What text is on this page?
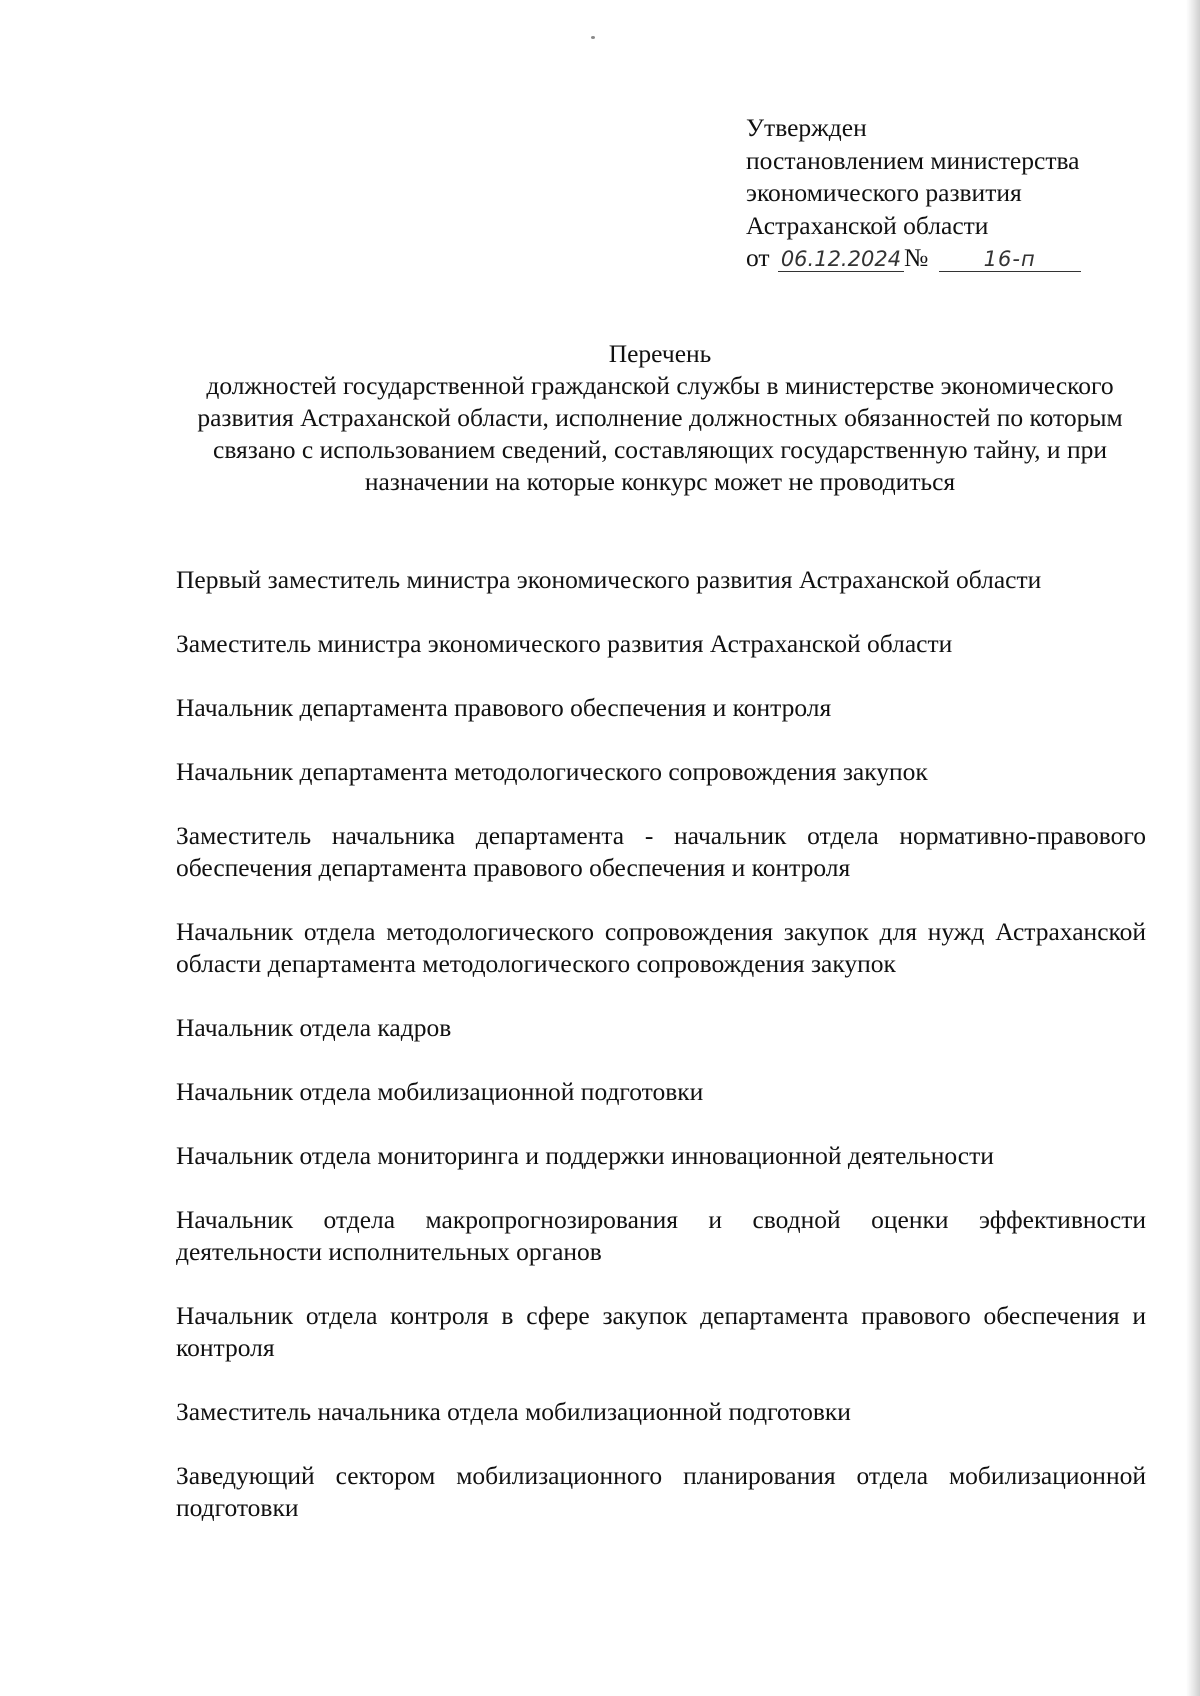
Утвержден
постановлением министерства
экономического развития
Астраханской области
от 06.12.2024 №	16-п
Перечень
должностей государственной гражданской службы в министерстве экономического развития Астраханской области, исполнение должностных обязанностей по которым связано с использованием сведений, составляющих государственную тайну, и при назначении на которые конкурс может не проводиться
Первый заместитель министра экономического развития Астраханской области
Заместитель министра экономического развития Астраханской области
Начальник департамента правового обеспечения и контроля
Начальник департамента методологического сопровождения закупок
Заместитель начальника департамента - начальник отдела нормативно-правового обеспечения департамента правового обеспечения и контроля
Начальник отдела методологического сопровождения закупок для нужд Астраханской области департамента методологического сопровождения закупок
Начальник отдела кадров
Начальник отдела мобилизационной подготовки
Начальник отдела мониторинга и поддержки инновационной деятельности
Начальник отдела макропрогнозирования и сводной оценки эффективности деятельности исполнительных органов
Начальник отдела контроля в сфере закупок департамента правового обеспечения и контроля
Заместитель начальника отдела мобилизационной подготовки
Заведующий сектором мобилизационного планирования отдела мобилизационной подготовки
